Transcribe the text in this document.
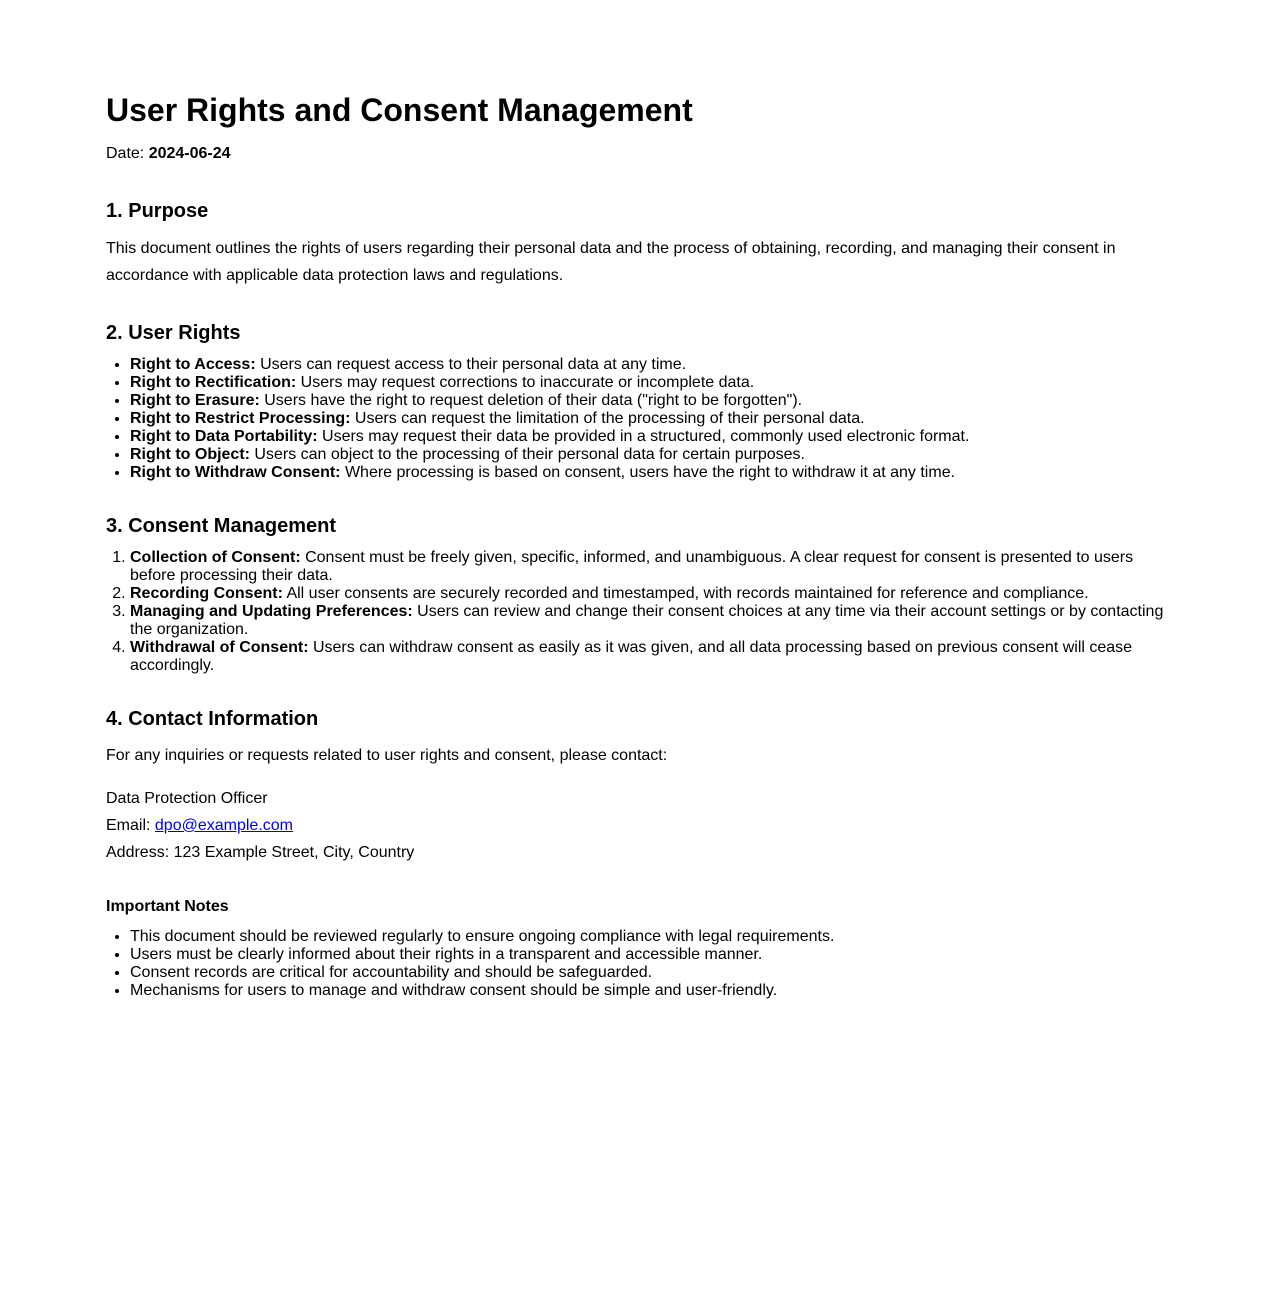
User Rights and Consent Management
Date: 2024-06-24
1. Purpose

This document outlines the rights of users regarding their personal data and the process of obtaining, recording, and managing their consent in accordance with applicable data protection laws and regulations.

2. User Rights
• Right to Access: Users can request access to their personal data at any time.
• Right to Rectification: Users may request corrections to inaccurate or incomplete data.
• Right to Erasure: Users have the right to request deletion of their data ("right to be forgotten").
• Right to Restrict Processing: Users can request the limitation of the processing of their personal data.
• Right to Data Portability: Users may request their data be provided in a structured, commonly used electronic format.
• Right to Object: Users can object to the processing of their personal data for certain purposes.
• Right to Withdraw Consent: Where processing is based on consent, users have the right to withdraw it at any time.
3. Consent Management
1. Collection of Consent: Consent must be freely given, specific, informed, and unambiguous. A clear request for consent is presented to users before processing their data.
2. Recording Consent: All user consents are securely recorded and timestamped, with records maintained for reference and compliance.
3. Managing and Updating Preferences: Users can review and change their consent choices at any time via their account settings or by contacting the organization.
4. Withdrawal of Consent: Users can withdraw consent as easily as it was given, and all data processing based on previous consent will cease accordingly.
4. Contact Information
For any inquiries or requests related to user rights and consent, please contact:
Data Protection Officer
Email: dpo@example.com
Address: 123 Example Street, City, Country
Important Notes
• This document should be reviewed regularly to ensure ongoing compliance with legal requirements.
• Users must be clearly informed about their rights in a transparent and accessible manner.
• Consent records are critical for accountability and should be safeguarded.
• Mechanisms for users to manage and withdraw consent should be simple and user-friendly.
